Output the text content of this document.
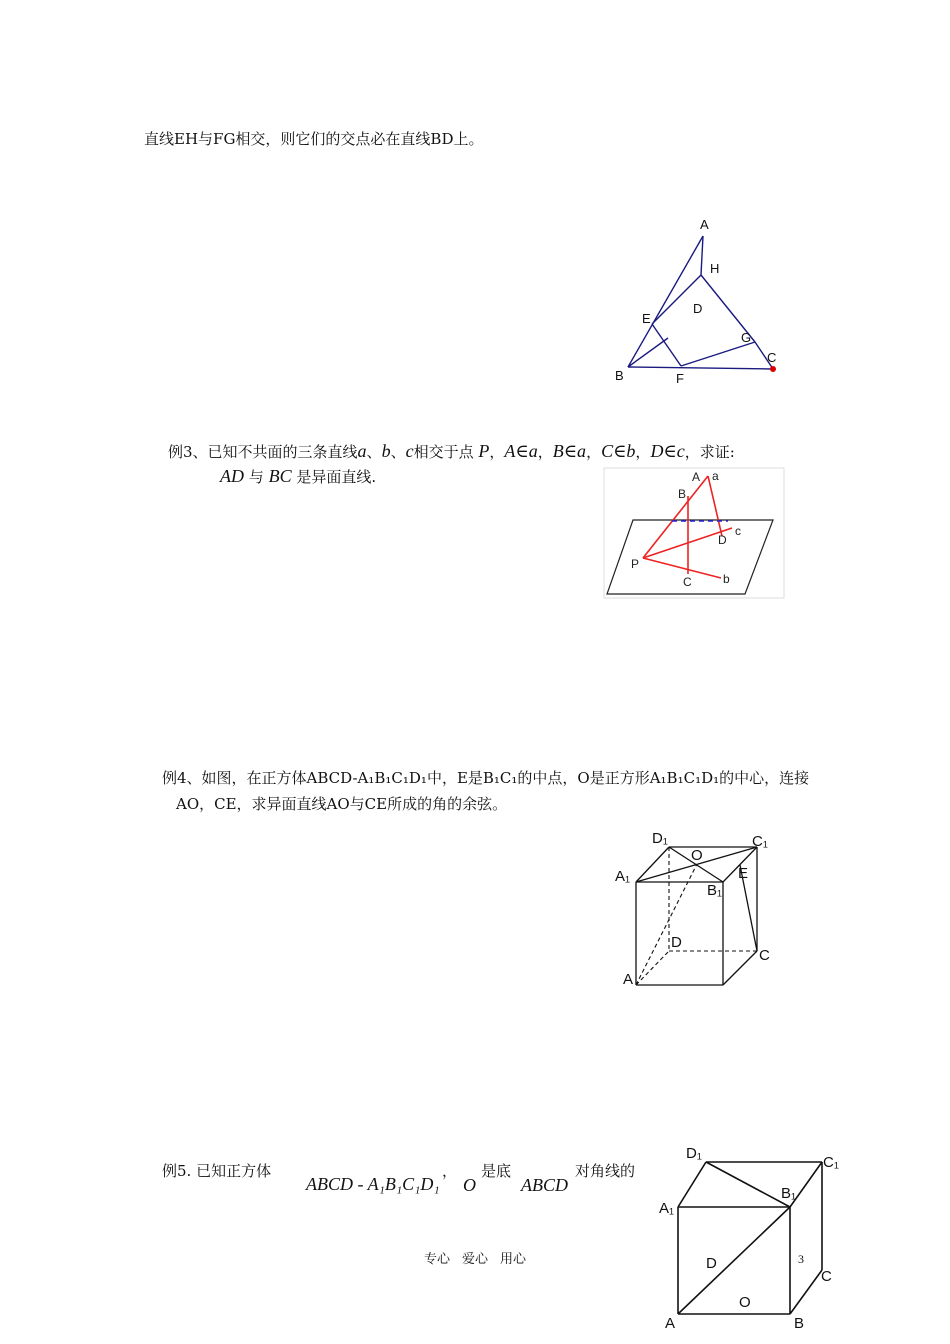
直线EH与FG相交，则它们的交点必在直线BD上。
A
H
D
E
G
C
B	F
例3、已知不共面的三条直线a、b、c相交于点 P，A∈a，B∈a，C∈b，D∈c，求证:
AD 与 BC 是异面直线.	A a
B
D
c
P
C	b
例4、如图，在正方体ABCD-A₁B₁C₁D₁中，E是B₁C₁的中点，O是正方形A₁B₁C₁D₁的中心，连接
AO，CE，求异面直线AO与CE所成的角的余弦。
D₁
O
C₁
A₁
B₁
E
D
C
A
例5. 已知正方体
ABCD - A₁B₁C₁D₁
，
O
是底
ABCD
对角线的
D₁
C₁
B₁
A₁
D	3
C
O
A	B
专心 爱心 用心
